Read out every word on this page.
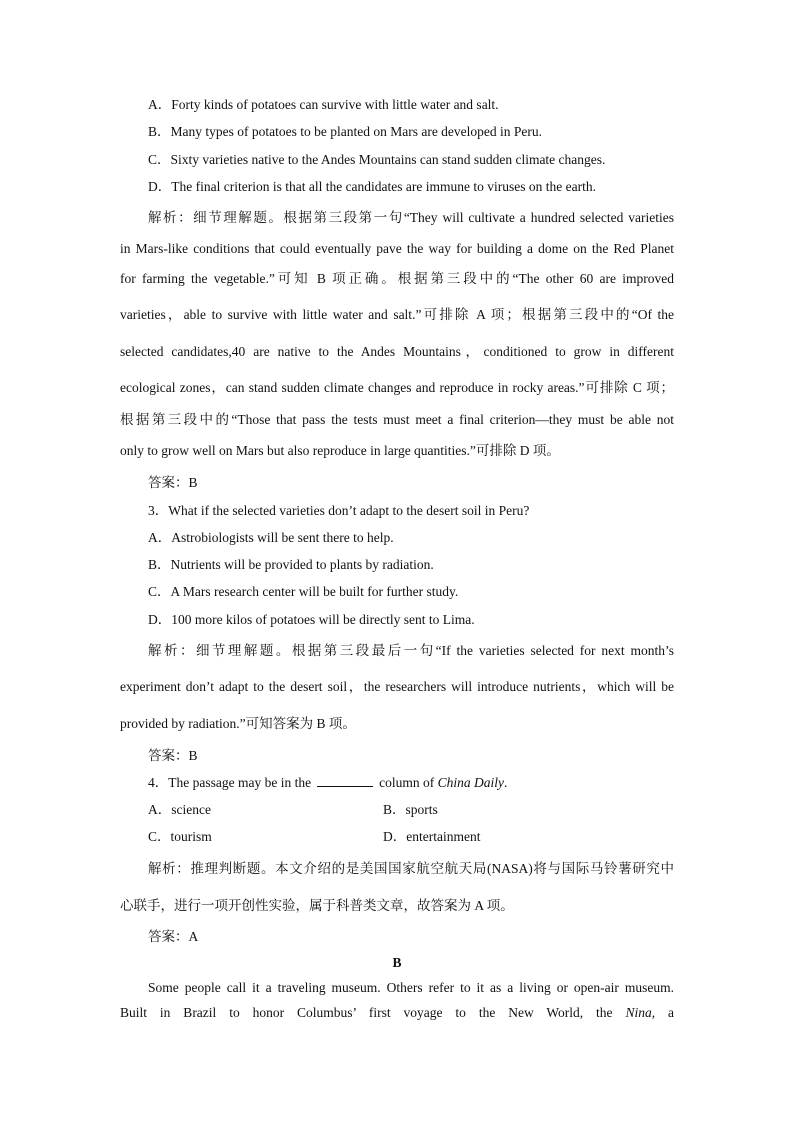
A．Forty kinds of potatoes can survive with little water and salt.
B．Many types of potatoes to be planted on Mars are developed in Peru.
C．Sixty varieties native to the Andes Mountains can stand sudden climate changes.
D．The final criterion is that all the candidates are immune to viruses on the earth.
解析：细节理解题。根据第三段第一句“They will cultivate a hundred selected varieties
in Mars-like conditions that could eventually pave the way for building a dome on the Red Planet
for farming the vegetable.”可知 B 项正确。根据第三段中的“The other 60 are improved
varieties，able to survive with little water and salt.”可排除 A 项；根据第三段中的“Of the
selected candidates,40 are native to the Andes Mountains，conditioned to grow in different
ecological zones，can stand sudden climate changes and reproduce in rocky areas.”可排除 C 项；
根据第三段中的“Those that pass the tests must meet a final criterion—they must be able not
only to grow well on Mars but also reproduce in large quantities.”可排除 D 项。
答案：B
3．What if the selected varieties don’t adapt to the desert soil in Peru?
A．Astrobiologists will be sent there to help.
B．Nutrients will be provided to plants by radiation.
C．A Mars research center will be built for further study.
D．100 more kilos of potatoes will be directly sent to Lima.
解析：细节理解题。根据第三段最后一句“If the varieties selected for next month’s
experiment don’t adapt to the desert soil，the researchers will introduce nutrients，which will be
provided by radiation.”可知答案为 B 项。
答案：B
4．The passage may be in the	column of China Daily.
A．science	B．sports
C．tourism	D．entertainment
解析：推理判断题。本文介绍的是美国国家航空航天局(NASA)将与国际马铃薯研究中
心联手，进行一项开创性实验，属于科普类文章，故答案为 A 项。
答案：A
B
Some people call it a traveling museum. Others refer to it as a living or open-air museum.
Built in Brazil to honor Columbus’ first voyage to the New World, the Nina, a
